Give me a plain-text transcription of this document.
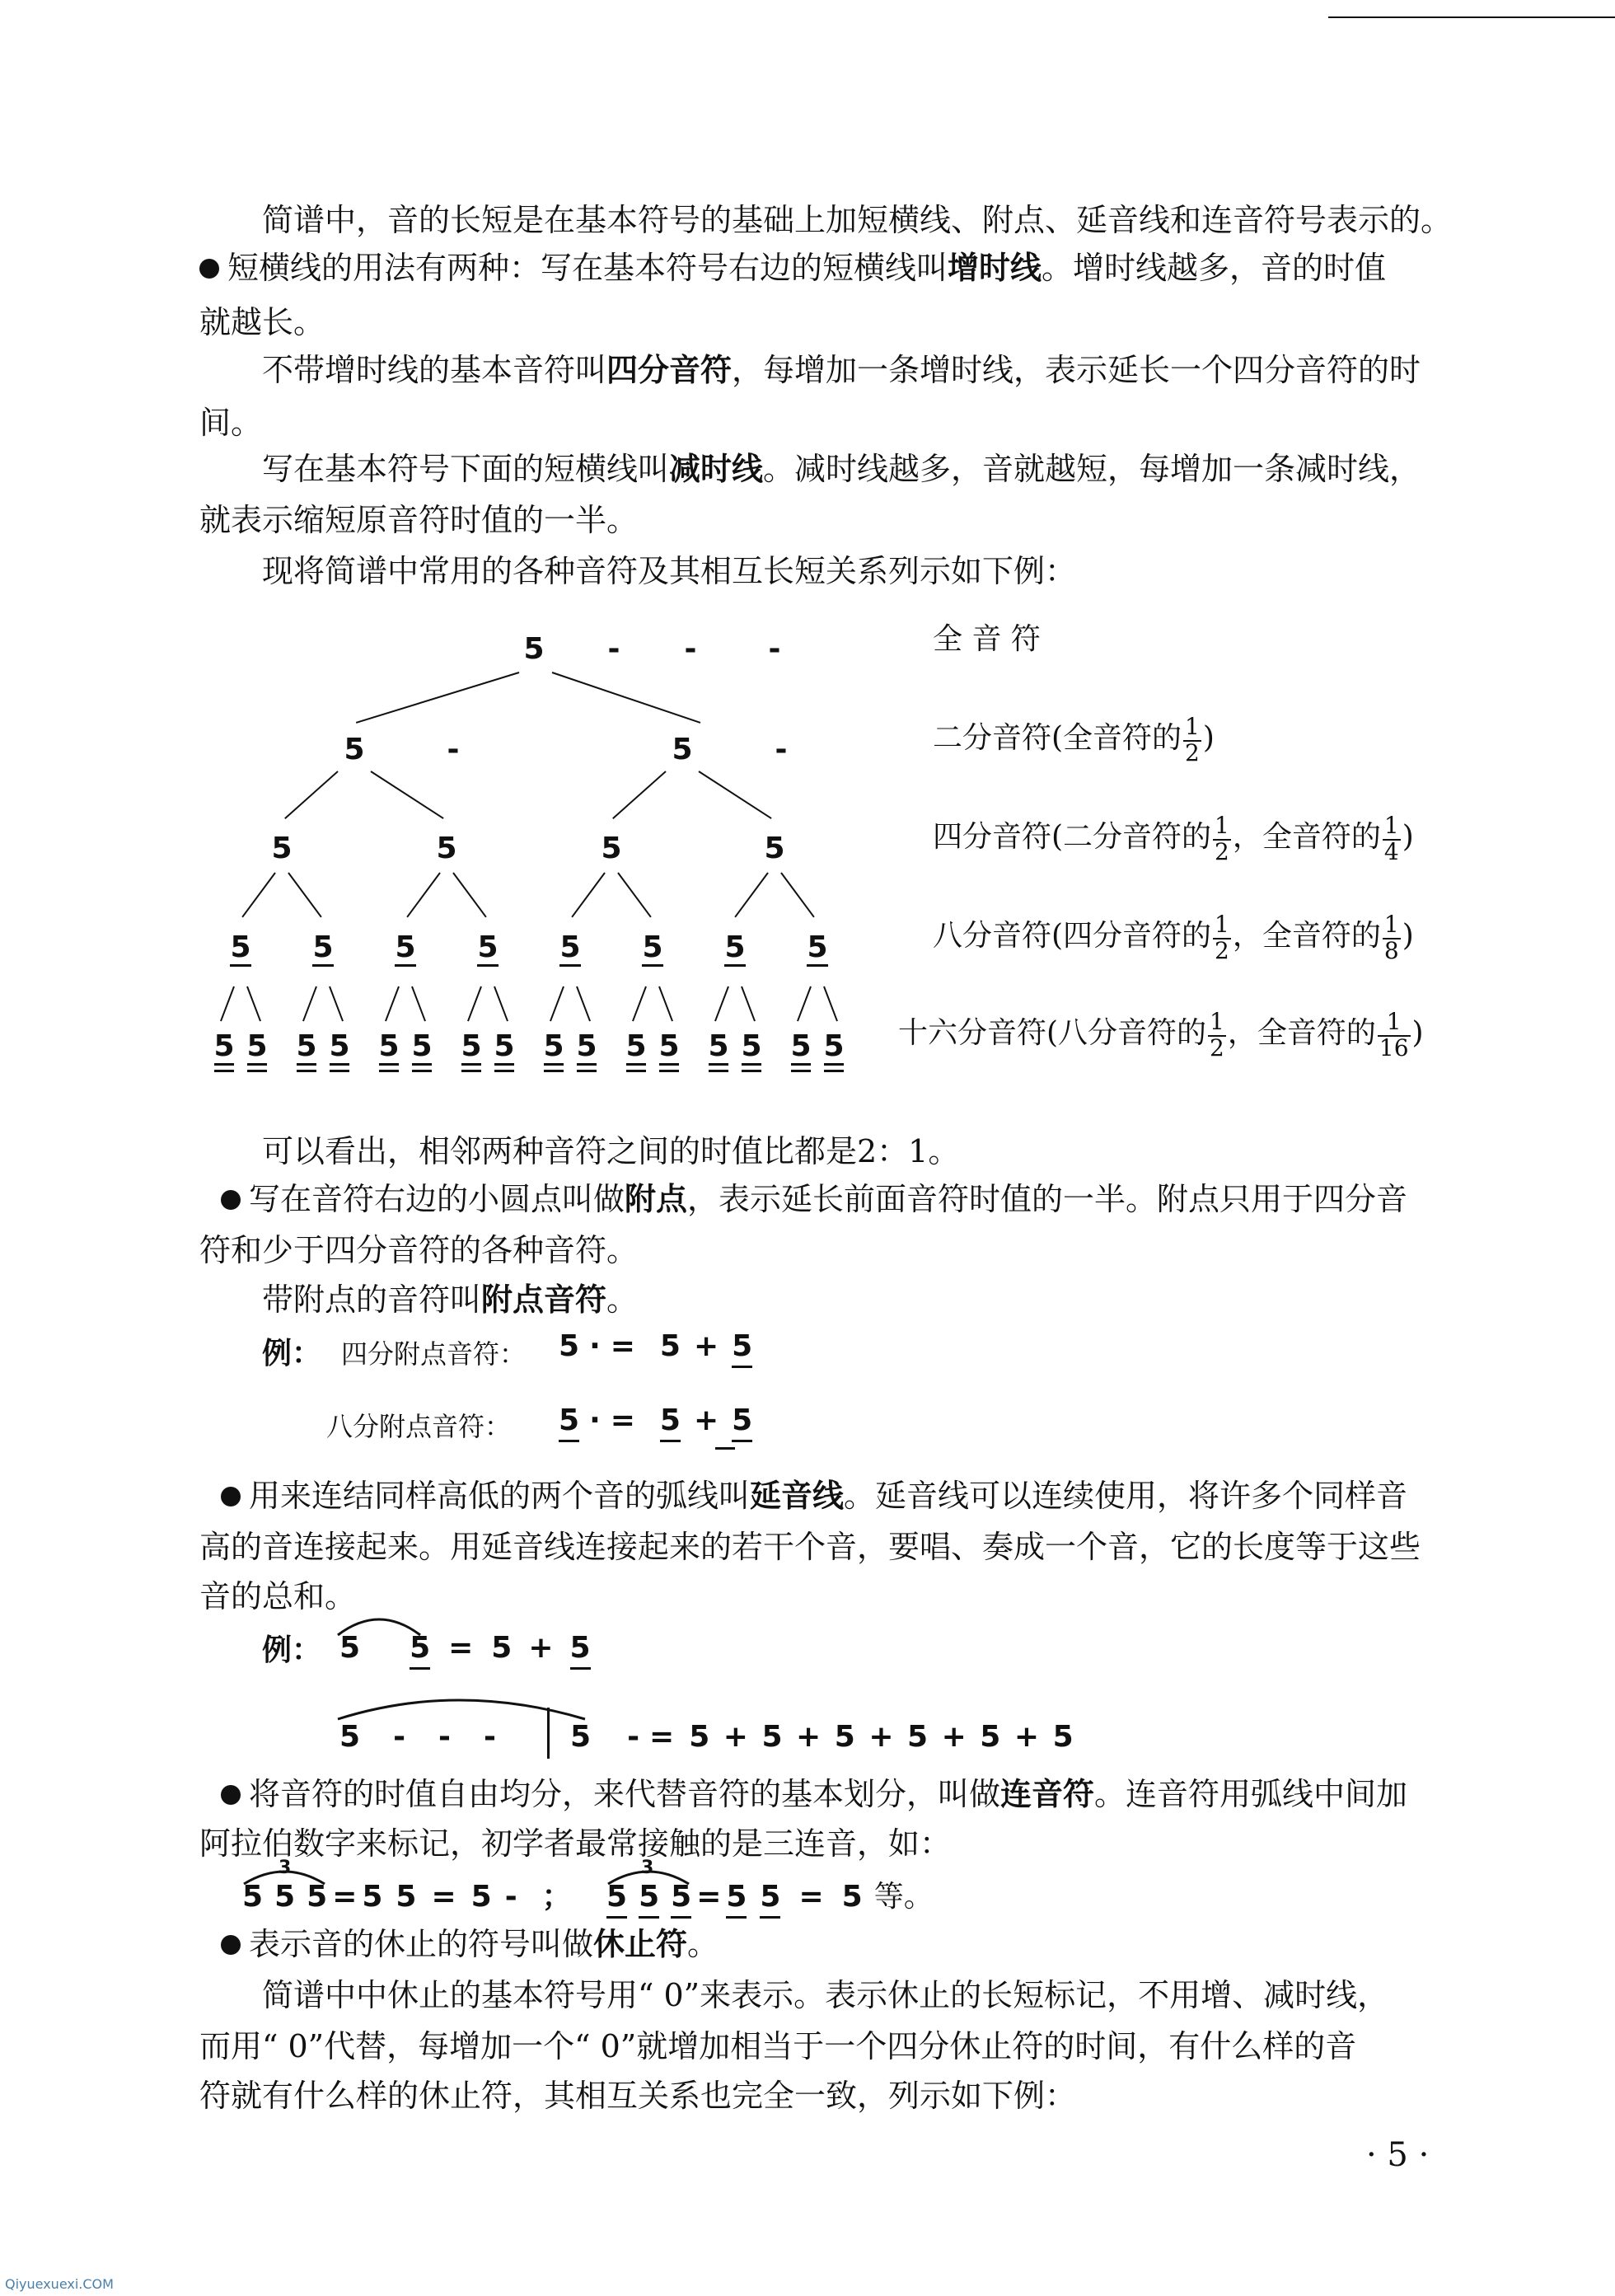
简谱中，音的长短是在基本符号的基础上加短横线、附点、延音线和连音符号表示的。
短横线的用法有两种：写在基本符号右边的短横线叫增时线。增时线越多，音的时值
就越长。
不带增时线的基本音符叫四分音符，每增加一条增时线，表示延长一个四分音符的时
间。
写在基本符号下面的短横线叫减时线。减时线越多，音就越短，每增加一条减时线，
就表示缩短原音符时值的一半。
现将简谱中常用的各种音符及其相互长短关系列示如下例：
5 - - -
5	-	5	-
5	5	5	5
5 5 5 5 5 5 5 5
5 5 5 5 5 5 5 5 5 5 5 5 5 5 5 5
全 音 符
二分音符(全音符的 $\frac{1}{2}$ )
四分音符(二分音符的 $\frac{1}{2}$ ，全音符的 $\frac{1}{4}$ )
八分音符(四分音符的 $\frac{1}{2}$ ，全音符的 $\frac{1}{8}$ )
十六分音符(八分音符的 $\frac{1}{2}$ ，全音符的 $\frac{1}{16}$ )
可以看出，相邻两种音符之间的时值比都是2：1。
写在音符右边的小圆点叫做附点，表示延长前面音符时值的一半。附点只用于四分音
符和少于四分音符的各种音符。
带附点的音符叫附点音符。
例： 四分附点音符： 5 · = 5 + 5
八分附点音符： 5 · = 5 + 5
用来连结同样高低的两个音的弧线叫延音线。延音线可以连续使用，将许多个同样音
高的音连接起来。用延音线连接起来的若干个音，要唱、奏成一个音，它的长度等于这些
音的总和。
例： 5 5 = 5 + 5
5 - - -	5 - = 5 + 5 + 5 + 5 + 5 + 5
将音符的时值自由均分，来代替音符的基本划分，叫做连音符。连音符用弧线中间加
阿拉伯数字来标记，初学者最常接触的是三连音，如：
3
5 5 5 = 5 5 = 5 - ；
3
5 5 5 = 5 5 = 5 等。
表示音的休止的符号叫做休止符。
简谱中中休止的基本符号用“ 0”来表示。表示休止的长短标记，不用增、减时线，
而用“ 0”代替，每增加一个“ 0”就增加相当于一个四分休止符的时间，有什么样的音
符就有什么样的休止符，其相互关系也完全一致，列示如下例：
· 5 ·
Qiyuexuexi.COM
